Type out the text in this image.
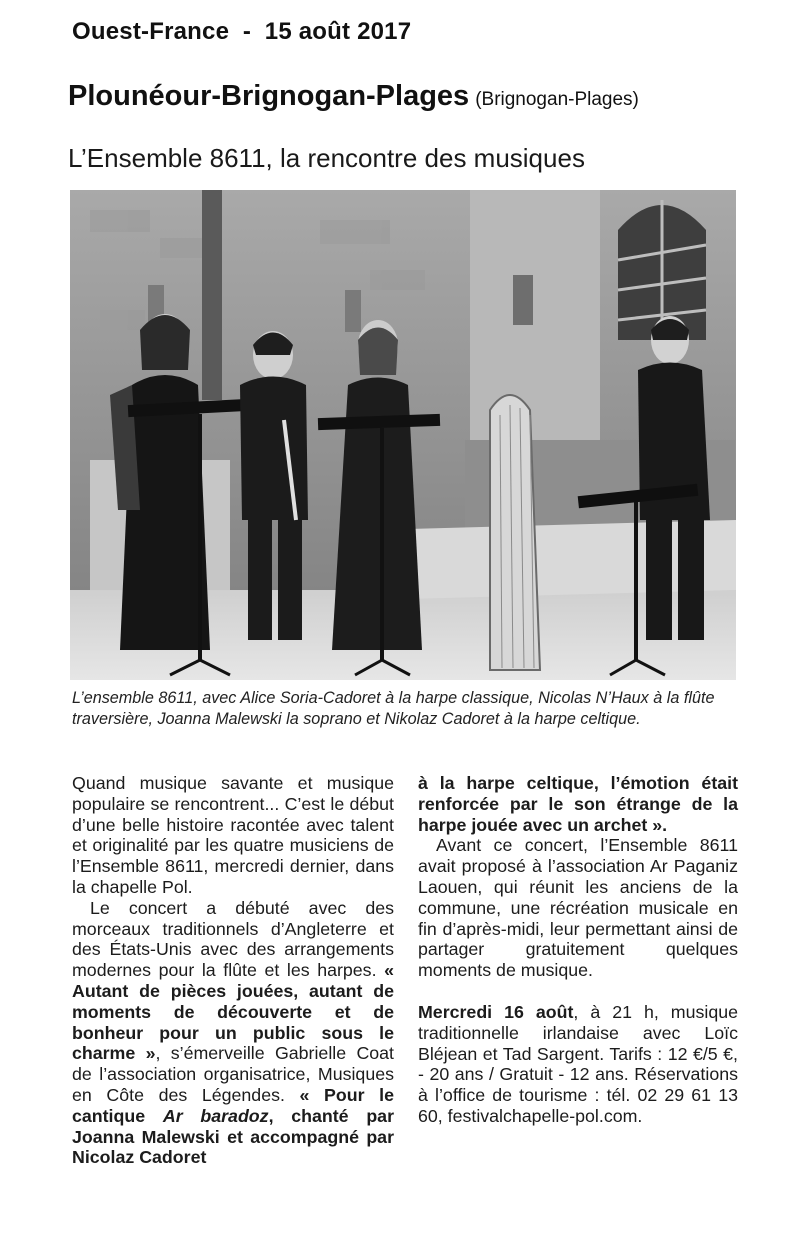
Ouest-France  -  15 août 2017
Plounéour-Brignogan-Plages (Brignogan-Plages)
L’Ensemble 8611, la rencontre des musiques
L’ensemble 8611, avec Alice Soria-Cadoret à la harpe classique, Nicolas N’Haux à la flûte traversière, Joanna Malewski la soprano et Nikolaz Cadoret à la harpe celtique.

Quand musique savante et musique populaire se rencontrent... C’est le début d’une belle histoire racontée avec talent et originalité par les quatre musiciens de l’Ensemble 8611, mercredi dernier, dans la chapelle Pol.

Le concert a débuté avec des morceaux traditionnels d’Angleterre et des États-Unis avec des arrangements modernes pour la flûte et les harpes. « Autant de pièces jouées, autant de moments de découverte et de bonheur pour un public sous le charme », s’émerveille Gabrielle Coat de l’association organisatrice, Musiques en Côte des Légendes. « Pour le cantique Ar baradoz, chanté par Joanna Malewski et accompagné par Nicolaz Cadoret

à la harpe celtique, l’émotion était renforcée par le son étrange de la harpe jouée avec un archet ».

Avant ce concert, l’Ensemble 8611 avait proposé à l’association Ar Paganiz Laouen, qui réunit les anciens de la commune, une récréation musicale en fin d’après-midi, leur permettant ainsi de partager gratuitement quelques moments de musique.

Mercredi 16 août, à 21 h, musique traditionnelle irlandaise avec Loïc Bléjean et Tad Sargent. Tarifs : 12 €/5 €, - 20 ans / Gratuit - 12 ans. Réservations à l’office de tourisme : tél. 02 29 61 13 60, festivalchapelle-pol.com.
